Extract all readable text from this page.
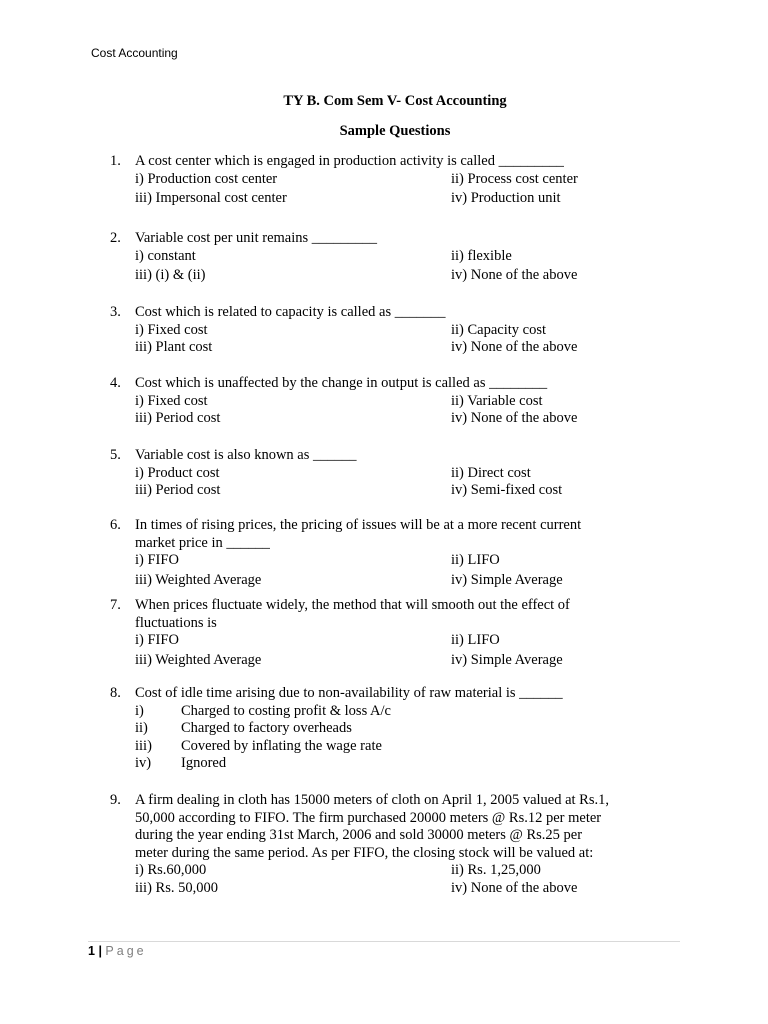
Cost Accounting
TY B. Com Sem V- Cost Accounting
Sample Questions
1. A cost center which is engaged in production activity is called _________
i) Production cost center	ii) Process cost center
iii) Impersonal cost center	iv) Production unit
2. Variable cost per unit remains _________
i) constant	ii) flexible
iii) (i) & (ii)	iv) None of the above
3. Cost which is related to capacity is called as _______
i) Fixed cost	ii) Capacity cost
iii) Plant cost	iv) None of the above
4. Cost which is unaffected by the change in output is called as ________
i) Fixed cost	ii) Variable cost
iii) Period cost	iv) None of the above
5. Variable cost is also known as ______
i) Product cost	ii) Direct cost
iii) Period cost	iv) Semi-fixed cost
6. In times of rising prices, the pricing of issues will be at a more recent current market price in ______
i) FIFO	ii) LIFO
iii) Weighted Average	iv) Simple Average
7. When prices fluctuate widely, the method that will smooth out the effect of fluctuations is
i) FIFO	ii) LIFO
iii) Weighted Average	iv) Simple Average
8. Cost of idle time arising due to non-availability of raw material is ______
i)	Charged to costing profit & loss A/c
ii)	Charged to factory overheads
iii)	Covered by inflating the wage rate
iv)	Ignored
9. A firm dealing in cloth has 15000 meters of cloth on April 1, 2005 valued at Rs.1, 50,000 according to FIFO. The firm purchased 20000 meters @ Rs.12 per meter during the year ending 31st March, 2006 and sold 30000 meters @ Rs.25 per meter during the same period. As per FIFO, the closing stock will be valued at:
i) Rs.60,000	ii) Rs. 1,25,000
iii) Rs. 50,000	iv) None of the above
1 | Page
